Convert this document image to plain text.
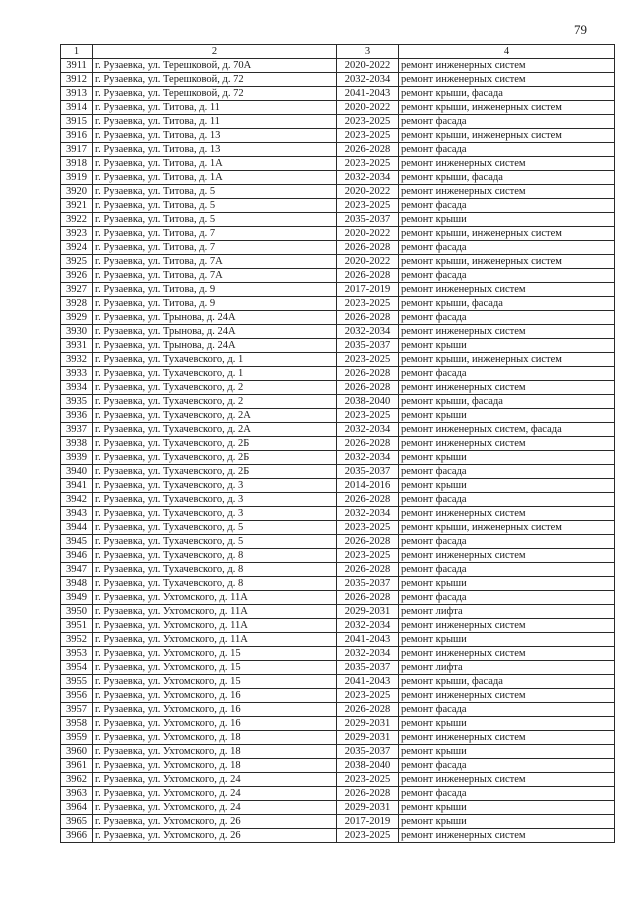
79
1	2	3	4
3911	г. Рузаевка, ул. Терешковой, д. 70А	2020-2022	ремонт инженерных систем
3912	г. Рузаевка, ул. Терешковой, д. 72	2032-2034	ремонт инженерных систем
3913	г. Рузаевка, ул. Терешковой, д. 72	2041-2043	ремонт крыши, фасада
3914	г. Рузаевка, ул. Титова, д. 11	2020-2022	ремонт крыши, инженерных систем
3915	г. Рузаевка, ул. Титова, д. 11	2023-2025	ремонт фасада
3916	г. Рузаевка, ул. Титова, д. 13	2023-2025	ремонт крыши, инженерных систем
3917	г. Рузаевка, ул. Титова, д. 13	2026-2028	ремонт фасада
3918	г. Рузаевка, ул. Титова, д. 1А	2023-2025	ремонт инженерных систем
3919	г. Рузаевка, ул. Титова, д. 1А	2032-2034	ремонт крыши, фасада
3920	г. Рузаевка, ул. Титова, д. 5	2020-2022	ремонт инженерных систем
3921	г. Рузаевка, ул. Титова, д. 5	2023-2025	ремонт фасада
3922	г. Рузаевка, ул. Титова, д. 5	2035-2037	ремонт крыши
3923	г. Рузаевка, ул. Титова, д. 7	2020-2022	ремонт крыши, инженерных систем
3924	г. Рузаевка, ул. Титова, д. 7	2026-2028	ремонт фасада
3925	г. Рузаевка, ул. Титова, д. 7А	2020-2022	ремонт крыши, инженерных систем
3926	г. Рузаевка, ул. Титова, д. 7А	2026-2028	ремонт фасада
3927	г. Рузаевка, ул. Титова, д. 9	2017-2019	ремонт инженерных систем
3928	г. Рузаевка, ул. Титова, д. 9	2023-2025	ремонт крыши, фасада
3929	г. Рузаевка, ул. Трынова, д. 24А	2026-2028	ремонт фасада
3930	г. Рузаевка, ул. Трынова, д. 24А	2032-2034	ремонт инженерных систем
3931	г. Рузаевка, ул. Трынова, д. 24А	2035-2037	ремонт крыши
3932	г. Рузаевка, ул. Тухачевского, д. 1	2023-2025	ремонт крыши, инженерных систем
3933	г. Рузаевка, ул. Тухачевского, д. 1	2026-2028	ремонт фасада
3934	г. Рузаевка, ул. Тухачевского, д. 2	2026-2028	ремонт инженерных систем
3935	г. Рузаевка, ул. Тухачевского, д. 2	2038-2040	ремонт крыши, фасада
3936	г. Рузаевка, ул. Тухачевского, д. 2А	2023-2025	ремонт крыши
3937	г. Рузаевка, ул. Тухачевского, д. 2А	2032-2034	ремонт инженерных систем, фасада
3938	г. Рузаевка, ул. Тухачевского, д. 2Б	2026-2028	ремонт инженерных систем
3939	г. Рузаевка, ул. Тухачевского, д. 2Б	2032-2034	ремонт крыши
3940	г. Рузаевка, ул. Тухачевского, д. 2Б	2035-2037	ремонт фасада
3941	г. Рузаевка, ул. Тухачевского, д. 3	2014-2016	ремонт крыши
3942	г. Рузаевка, ул. Тухачевского, д. 3	2026-2028	ремонт фасада
3943	г. Рузаевка, ул. Тухачевского, д. 3	2032-2034	ремонт инженерных систем
3944	г. Рузаевка, ул. Тухачевского, д. 5	2023-2025	ремонт крыши, инженерных систем
3945	г. Рузаевка, ул. Тухачевского, д. 5	2026-2028	ремонт фасада
3946	г. Рузаевка, ул. Тухачевского, д. 8	2023-2025	ремонт инженерных систем
3947	г. Рузаевка, ул. Тухачевского, д. 8	2026-2028	ремонт фасада
3948	г. Рузаевка, ул. Тухачевского, д. 8	2035-2037	ремонт крыши
3949	г. Рузаевка, ул. Ухтомского, д. 11А	2026-2028	ремонт фасада
3950	г. Рузаевка, ул. Ухтомского, д. 11А	2029-2031	ремонт лифта
3951	г. Рузаевка, ул. Ухтомского, д. 11А	2032-2034	ремонт инженерных систем
3952	г. Рузаевка, ул. Ухтомского, д. 11А	2041-2043	ремонт крыши
3953	г. Рузаевка, ул. Ухтомского, д. 15	2032-2034	ремонт инженерных систем
3954	г. Рузаевка, ул. Ухтомского, д. 15	2035-2037	ремонт лифта
3955	г. Рузаевка, ул. Ухтомского, д. 15	2041-2043	ремонт крыши, фасада
3956	г. Рузаевка, ул. Ухтомского, д. 16	2023-2025	ремонт инженерных систем
3957	г. Рузаевка, ул. Ухтомского, д. 16	2026-2028	ремонт фасада
3958	г. Рузаевка, ул. Ухтомского, д. 16	2029-2031	ремонт крыши
3959	г. Рузаевка, ул. Ухтомского, д. 18	2029-2031	ремонт инженерных систем
3960	г. Рузаевка, ул. Ухтомского, д. 18	2035-2037	ремонт крыши
3961	г. Рузаевка, ул. Ухтомского, д. 18	2038-2040	ремонт фасада
3962	г. Рузаевка, ул. Ухтомского, д. 24	2023-2025	ремонт инженерных систем
3963	г. Рузаевка, ул. Ухтомского, д. 24	2026-2028	ремонт фасада
3964	г. Рузаевка, ул. Ухтомского, д. 24	2029-2031	ремонт крыши
3965	г. Рузаевка, ул. Ухтомского, д. 26	2017-2019	ремонт крыши
3966	г. Рузаевка, ул. Ухтомского, д. 26	2023-2025	ремонт инженерных систем
